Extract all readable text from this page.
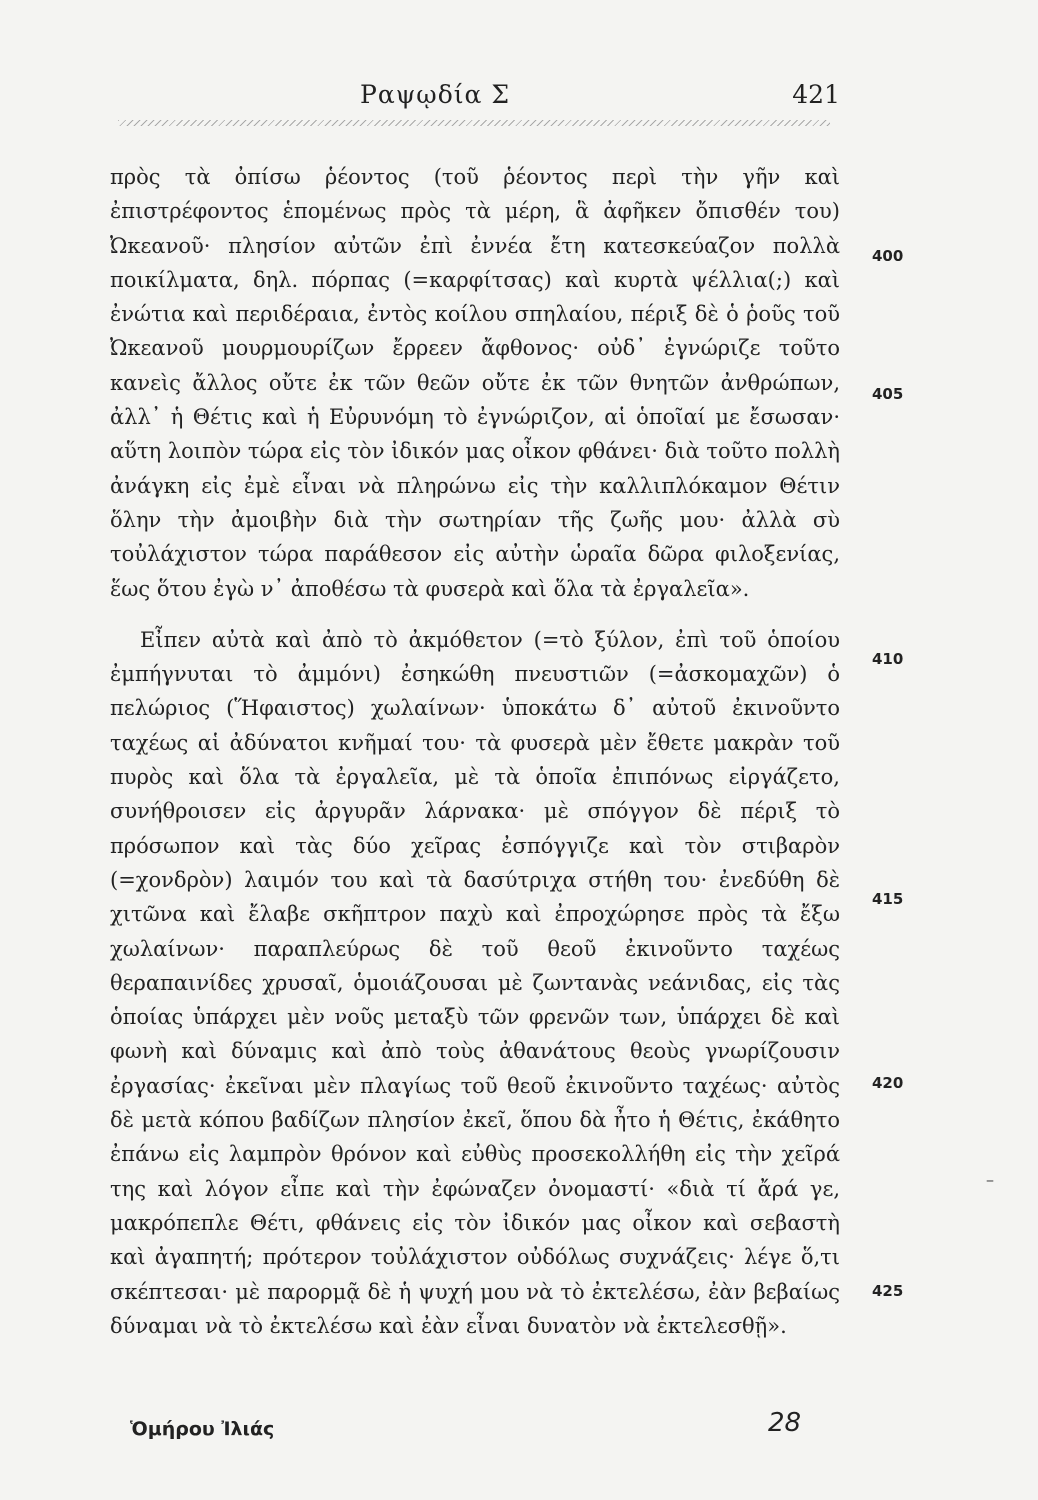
Ραψῳδία Σ	421

πρὸς τὰ ὀπίσω ῥέοντος (τοῦ ῥέοντος περὶ τὴν γῆν καὶ ἐπιστρέφοντος ἑπομένως πρὸς τὰ μέρη, ἃ ἀφῆκεν ὄπισθέν του) Ὠκεανοῦ· πλησίον αὐτῶν ἐπὶ ἐννέα ἔτη κατεσκεύαζον πολλὰ ποικίλματα, δηλ. πόρπας (=καρφίτσας) καὶ κυρτὰ ψέλλια(;) καὶ ἐνώτια καὶ περιδέραια, ἐντὸς κοίλου σπηλαίου, πέριξ δὲ ὁ ῥοῦς τοῦ Ὠκεανοῦ μουρμουρίζων ἔρρεεν ἄφθονος· οὐδ᾽ ἐγνώριζε τοῦτο κανεὶς ἄλλος οὔτε ἐκ τῶν θεῶν οὔτε ἐκ τῶν θνητῶν ἀνθρώπων, ἀλλ᾽ ἡ Θέτις καὶ ἡ Εὐρυνόμη τὸ ἐγνώριζον, αἱ ὁποῖαί με ἔσωσαν· αὕτη λοιπὸν τώρα εἰς τὸν ἰδικόν μας οἶκον φθάνει· διὰ τοῦτο πολλὴ ἀνάγκη εἰς ἐμὲ εἶναι νὰ πληρώνω εἰς τὴν καλλιπλόκαμον Θέτιν ὅλην τὴν ἀμοιβὴν διὰ τὴν σωτηρίαν τῆς ζωῆς μου· ἀλλὰ σὺ τοὐλάχιστον τώρα παράθεσον εἰς αὐτὴν ὡραῖα δῶρα φιλοξενίας, ἕως ὅτου ἐγὼ ν᾽ ἀποθέσω τὰ φυσερὰ καὶ ὅλα τὰ ἐργαλεῖα».

Εἶπεν αὐτὰ καὶ ἀπὸ τὸ ἀκμόθετον (=τὸ ξύλον, ἐπὶ τοῦ ὁποίου ἐμπήγνυται τὸ ἀμμόνι) ἐσηκώθη πνευστιῶν (=ἀσκομαχῶν) ὁ πελώριος (Ἥφαιστος) χωλαίνων· ὑποκάτω δ᾽ αὐτοῦ ἐκινοῦντο ταχέως αἱ ἀδύνατοι κνῆμαί του· τὰ φυσερὰ μὲν ἔθετε μακρὰν τοῦ πυρὸς καὶ ὅλα τὰ ἐργαλεῖα, μὲ τὰ ὁποῖα ἐπιπόνως εἰργάζετο, συνήθροισεν εἰς ἀργυρᾶν λάρνακα· μὲ σπόγγον δὲ πέριξ τὸ πρόσωπον καὶ τὰς δύο χεῖρας ἐσπόγγιζε καὶ τὸν στιβαρὸν (=χονδρὸν) λαιμόν του καὶ τὰ δασύτριχα στήθη του· ἐνεδύθη δὲ χιτῶνα καὶ ἔλαβε σκῆπτρον παχὺ καὶ ἐπροχώρησε πρὸς τὰ ἔξω χωλαίνων· παραπλεύρως δὲ τοῦ θεοῦ ἐκινοῦντο ταχέως θεραπαινίδες χρυσαῖ, ὁμοιάζουσαι μὲ ζωντανὰς νεάνιδας, εἰς τὰς ὁποίας ὑπάρχει μὲν νοῦς μεταξὺ τῶν φρενῶν των, ὑπάρχει δὲ καὶ φωνὴ καὶ δύναμις καὶ ἀπὸ τοὺς ἀθανάτους θεοὺς γνωρίζουσιν ἐργασίας· ἐκεῖναι μὲν πλαγίως τοῦ θεοῦ ἐκινοῦντο ταχέως· αὐτὸς δὲ μετὰ κόπου βαδίζων πλησίον ἐκεῖ, ὅπου δὰ ἦτο ἡ Θέτις, ἐκάθητο ἐπάνω εἰς λαμπρὸν θρόνον καὶ εὐθὺς προσεκολλήθη εἰς τὴν χεῖρά της καὶ λόγον εἶπε καὶ τὴν ἐφώναζεν ὀνομαστί· «διὰ τί ἄρά γε, μακρόπεπλε Θέτι, φθάνεις εἰς τὸν ἰδικόν μας οἶκον καὶ σεβαστὴ καὶ ἀγαπητή; πρότερον τοὐλάχιστον οὐδόλως συχνάζεις· λέγε ὅ,τι σκέπτεσαι· μὲ παρορμᾷ δὲ ἡ ψυχή μου νὰ τὸ ἐκτελέσω, ἐὰν βεβαίως δύναμαι νὰ τὸ ἐκτελέσω καὶ ἐὰν εἶναι δυνατὸν νὰ ἐκτελεσθῇ».

400
405
410
415
420
425
–
Ὁμήρου Ἰλιάς	28
